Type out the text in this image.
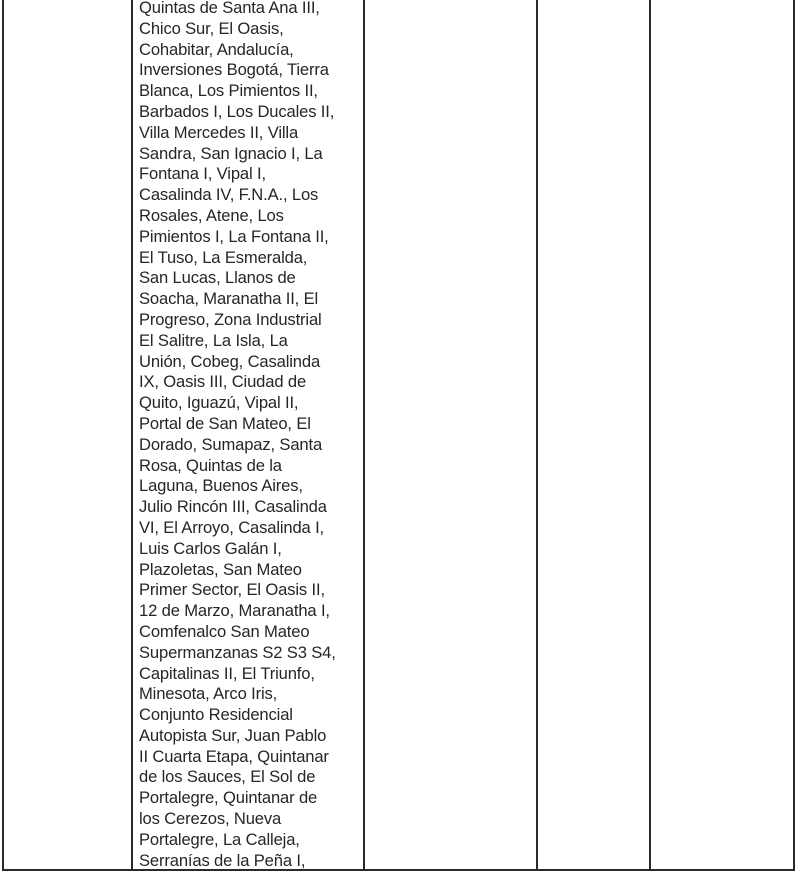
Quintas de Santa Ana III,
Chico Sur, El Oasis,
Cohabitar, Andalucía,
Inversiones Bogotá, Tierra
Blanca, Los Pimientos II,
Barbados I, Los Ducales II,
Villa Mercedes II, Villa
Sandra, San Ignacio I, La
Fontana I, Vipal I,
Casalinda IV, F.N.A., Los
Rosales, Atene, Los
Pimientos I, La Fontana II,
El Tuso, La Esmeralda,
San Lucas, Llanos de
Soacha, Maranatha II, El
Progreso, Zona Industrial
El Salitre, La Isla, La
Unión, Cobeg, Casalinda
IX, Oasis III, Ciudad de
Quito, Iguazú, Vipal II,
Portal de San Mateo, El
Dorado, Sumapaz, Santa
Rosa, Quintas de la
Laguna, Buenos Aires,
Julio Rincón III, Casalinda
VI, El Arroyo, Casalinda I,
Luis Carlos Galán I,
Plazoletas, San Mateo
Primer Sector, El Oasis II,
12 de Marzo, Maranatha I,
Comfenalco San Mateo
Supermanzanas S2 S3 S4,
Capitalinas II, El Triunfo,
Minesota, Arco Iris,
Conjunto Residencial
Autopista Sur, Juan Pablo
II Cuarta Etapa, Quintanar
de los Sauces, El Sol de
Portalegre, Quintanar de
los Cerezos, Nueva
Portalegre, La Calleja,
Serranías de la Peña I,
